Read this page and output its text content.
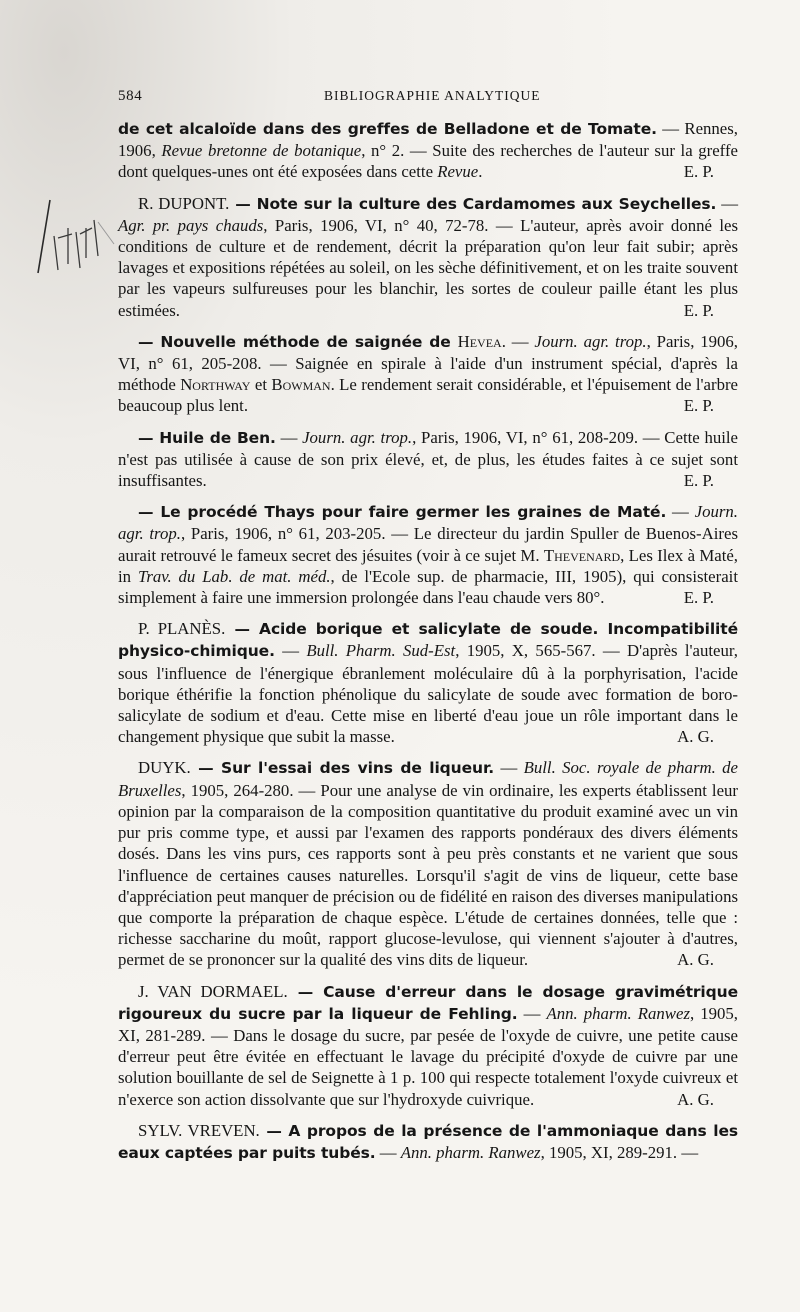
584	BIBLIOGRAPHIE ANALYTIQUE

de cet alcaloïde dans des greffes de Belladone et de Tomate. — Rennes, 1906, Revue bretonne de botanique, n° 2. — Suite des recherches de l'auteur sur la greffe dont quelques-unes ont été exposées dans cette Revue.	E. P.

R. DUPONT. — Note sur la culture des Cardamomes aux Seychelles. — Agr. pr. pays chauds, Paris, 1906, VI, n° 40, 72-78. — L'auteur, après avoir donné les conditions de culture et de rendement, décrit la préparation qu'on leur fait subir; après lavages et expositions répétées au soleil, on les sèche définitivement, et on les traite souvent par les vapeurs sulfureuses pour les blanchir, les sortes de couleur paille étant les plus estimées.	E. P.

— Nouvelle méthode de saignée de Hevea. — Journ. agr. trop., Paris, 1906, VI, n° 61, 205-208. — Saignée en spirale à l'aide d'un instrument spécial, d'après la méthode Northway et Bowman. Le rendement serait considérable, et l'épuisement de l'arbre beaucoup plus lent.	E. P.

— Huile de Ben. — Journ. agr. trop., Paris, 1906, VI, n° 61, 208-209. — Cette huile n'est pas utilisée à cause de son prix élevé, et, de plus, les études faites à ce sujet sont insuffisantes.	E. P.

— Le procédé Thays pour faire germer les graines de Maté. — Journ. agr. trop., Paris, 1906, n° 61, 203-205. — Le directeur du jardin Spuller de Buenos-Aires aurait retrouvé le fameux secret des jésuites (voir à ce sujet M. Thevenard, Les Ilex à Maté, in Trav. du Lab. de mat. méd., de l'Ecole sup. de pharmacie, III, 1905), qui consisterait simplement à faire une immersion prolongée dans l'eau chaude vers 80°.	E. P.

P. PLANÈS. — Acide borique et salicylate de soude. Incompatibilité physico-chimique. — Bull. Pharm. Sud-Est, 1905, X, 565-567. — D'après l'auteur, sous l'influence de l'énergique ébranlement moléculaire dû à la porphyrisation, l'acide borique éthérifie la fonction phénolique du salicylate de soude avec formation de boro-salicylate de sodium et d'eau. Cette mise en liberté d'eau joue un rôle important dans le changement physique que subit la masse.	A. G.

DUYK. — Sur l'essai des vins de liqueur. — Bull. Soc. royale de pharm. de Bruxelles, 1905, 264-280. — Pour une analyse de vin ordinaire, les experts établissent leur opinion par la comparaison de la composition quantitative du produit examiné avec un vin pur pris comme type, et aussi par l'examen des rapports pondéraux des divers éléments dosés. Dans les vins purs, ces rapports sont à peu près constants et ne varient que sous l'influence de certaines causes naturelles. Lorsqu'il s'agit de vins de liqueur, cette base d'appréciation peut manquer de précision ou de fidélité en raison des diverses manipulations que comporte la préparation de chaque espèce. L'étude de certaines données, telle que : richesse saccharine du moût, rapport glucose-levulose, qui viennent s'ajouter à d'autres, permet de se prononcer sur la qualité des vins dits de liqueur.	A. G.

J. VAN DORMAEL. — Cause d'erreur dans le dosage gravimétrique rigoureux du sucre par la liqueur de Fehling. — Ann. pharm. Ranwez, 1905, XI, 281-289. — Dans le dosage du sucre, par pesée de l'oxyde de cuivre, une petite cause d'erreur peut être évitée en effectuant le lavage du précipité d'oxyde de cuivre par une solution bouillante de sel de Seignette à 1 p. 100 qui respecte totalement l'oxyde cuivreux et n'exerce son action dissolvante que sur l'hydroxyde cuivrique.	A. G.

SYLV. VREVEN. — A propos de la présence de l'ammoniaque dans les eaux captées par puits tubés. — Ann. pharm. Ranwez, 1905, XI, 289-291. —
